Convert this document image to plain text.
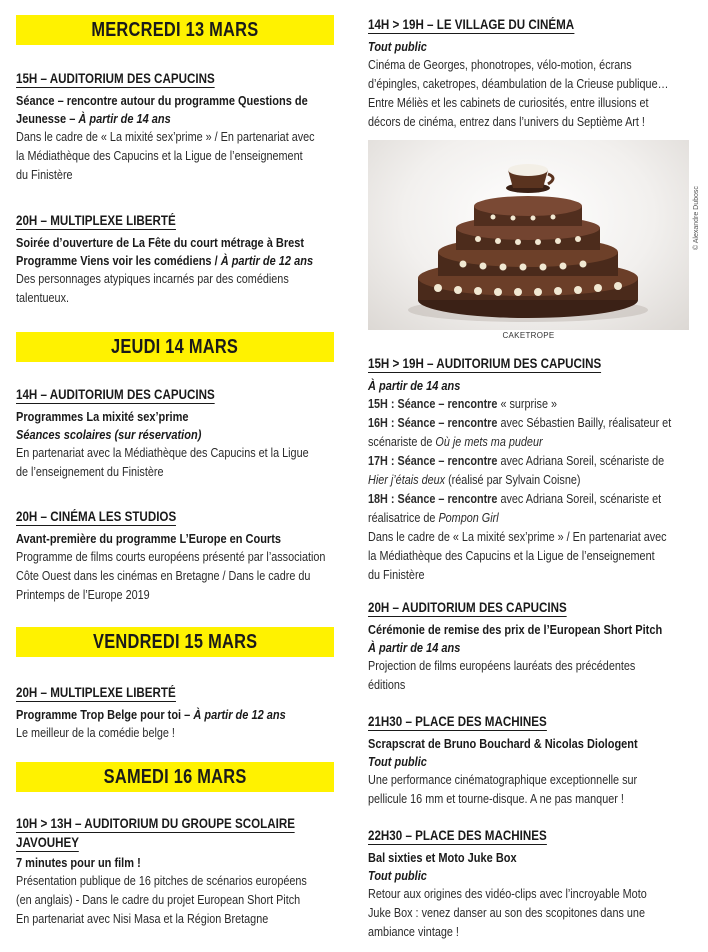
MERCREDI 13 MARS
15H – AUDITORIUM DES CAPUCINS
Séance – rencontre autour du programme Questions de
Jeunesse – À partir de 14 ans
Dans le cadre de « La mixité sex’prime » / En partenariat avec
la Médiathèque des Capucins et la Ligue de l’enseignement
du Finistère
20H – MULTIPLEXE LIBERTÉ
Soirée d’ouverture de La Fête du court métrage à Brest
Programme Viens voir les comédiens / À partir de 12 ans
Des personnages atypiques incarnés par des comédiens
talentueux.
JEUDI 14 MARS
14H – AUDITORIUM DES CAPUCINS
Programmes La mixité sex’prime
Séances scolaires (sur réservation)
En partenariat avec la Médiathèque des Capucins et la Ligue
de l’enseignement du Finistère
20H – CINÉMA LES STUDIOS
Avant-première du programme L’Europe en Courts
Programme de films courts européens présenté par l’association
Côte Ouest dans les cinémas en Bretagne / Dans le cadre du
Printemps de l’Europe 2019
VENDREDI 15 MARS
20H – MULTIPLEXE LIBERTÉ
Programme Trop Belge pour toi – À partir de 12 ans
Le meilleur de la comédie belge !
SAMEDI 16 MARS
10H > 13H – AUDITORIUM DU GROUPE SCOLAIRE
JAVOUHEY
7 minutes pour un film !
Présentation publique de 16 pitches de scénarios européens
(en anglais) - Dans le cadre du projet European Short Pitch
En partenariat avec Nisi Masa et la Région Bretagne
14H > 19H – LE VILLAGE DU CINÉMA
Tout public
Cinéma de Georges, phonotropes, vélo-motion, écrans
d’épingles, caketropes, déambulation de la Crieuse publique…
Entre Méliès et les cabinets de curiosités, entre illusions et
décors de cinéma, entrez dans l’univers du Septième Art !
© Alexandre Dubosc
CAKETROPE
15H > 19H – AUDITORIUM DES CAPUCINS
À partir de 14 ans
15H : Séance – rencontre « surprise »
16H : Séance – rencontre avec Sébastien Bailly, réalisateur et
scénariste de Où je mets ma pudeur
17H : Séance – rencontre avec Adriana Soreil, scénariste de
Hier j’étais deux (réalisé par Sylvain Coisne)
18H : Séance – rencontre avec Adriana Soreil, scénariste et
réalisatrice de Pompon Girl
Dans le cadre de « La mixité sex’prime » / En partenariat avec
la Médiathèque des Capucins et la Ligue de l’enseignement
du Finistère
20H – AUDITORIUM DES CAPUCINS
Cérémonie de remise des prix de l’European Short Pitch
À partir de 14 ans
Projection de films européens lauréats des précédentes
éditions
21H30 – PLACE DES MACHINES
Scrapscrat de Bruno Bouchard & Nicolas Diologent
Tout public
Une performance cinématographique exceptionnelle sur
pellicule 16 mm et tourne-disque. A ne pas manquer !
22H30 – PLACE DES MACHINES
Bal sixties et Moto Juke Box
Tout public
Retour aux origines des vidéo-clips avec l’incroyable Moto
Juke Box : venez danser au son des scopitones dans une
ambiance vintage !
